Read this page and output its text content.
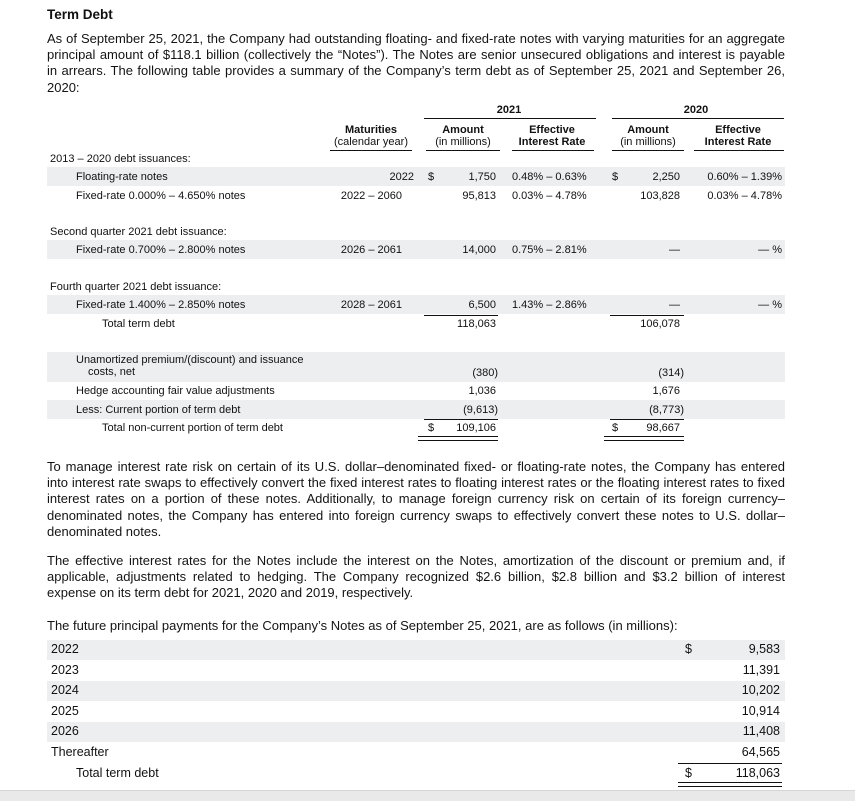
Term Debt
As of September 25, 2021, the Company had outstanding floating- and fixed-rate notes with varying maturities for an aggregate principal amount of $118.1 billion (collectively the “Notes”). The Notes are senior unsecured obligations and interest is payable in arrears. The following table provides a summary of the Company’s term debt as of September 25, 2021 and September 26, 2020:
2021	2020
Maturities
(calendar year)
Amount
(in millions)
Effective
Interest Rate
Amount
(in millions)
Effective
Interest Rate
2013 – 2020 debt issuances:
Floating-rate notes	2022 $	1,750 0.48% – 0.63% $	2,250	0.60% – 1.39%
Fixed-rate 0.000% – 4.650% notes	2022 – 2060	95,813 0.03% – 4.78%	103,828	0.03% – 4.78%
Second quarter 2021 debt issuance:
Fixed-rate 0.700% – 2.800% notes	2026 – 2061	14,000 0.75% – 2.81%	—	— %
Fourth quarter 2021 debt issuance:
Fixed-rate 1.400% – 2.850% notes	2028 – 2061	6,500 1.43% – 2.86%	—	— %
Total term debt	118,063	106,078
Unamortized premium/(discount) and issuance
costs, net	(380)	(314)
Hedge accounting fair value adjustments	1,036	1,676
Less: Current portion of term debt	(9,613)	(8,773)
Total non-current portion of term debt	$	109,106	$	98,667
To manage interest rate risk on certain of its U.S. dollar–denominated fixed- or floating-rate notes, the Company has entered into interest rate swaps to effectively convert the fixed interest rates to floating interest rates or the floating interest rates to fixed interest rates on a portion of these notes. Additionally, to manage foreign currency risk on certain of its foreign currency–denominated notes, the Company has entered into foreign currency swaps to effectively convert these notes to U.S. dollar–denominated notes.
The effective interest rates for the Notes include the interest on the Notes, amortization of the discount or premium and, if applicable, adjustments related to hedging. The Company recognized $2.6 billion, $2.8 billion and $3.2 billion of interest expense on its term debt for 2021, 2020 and 2019, respectively.
The future principal payments for the Company’s Notes as of September 25, 2021, are as follows (in millions):
2022	9,583
2023	11,391
2024	10,202
2025	10,914
2026	11,408
Thereafter	64,565
$
Total term debt	$	118,063
